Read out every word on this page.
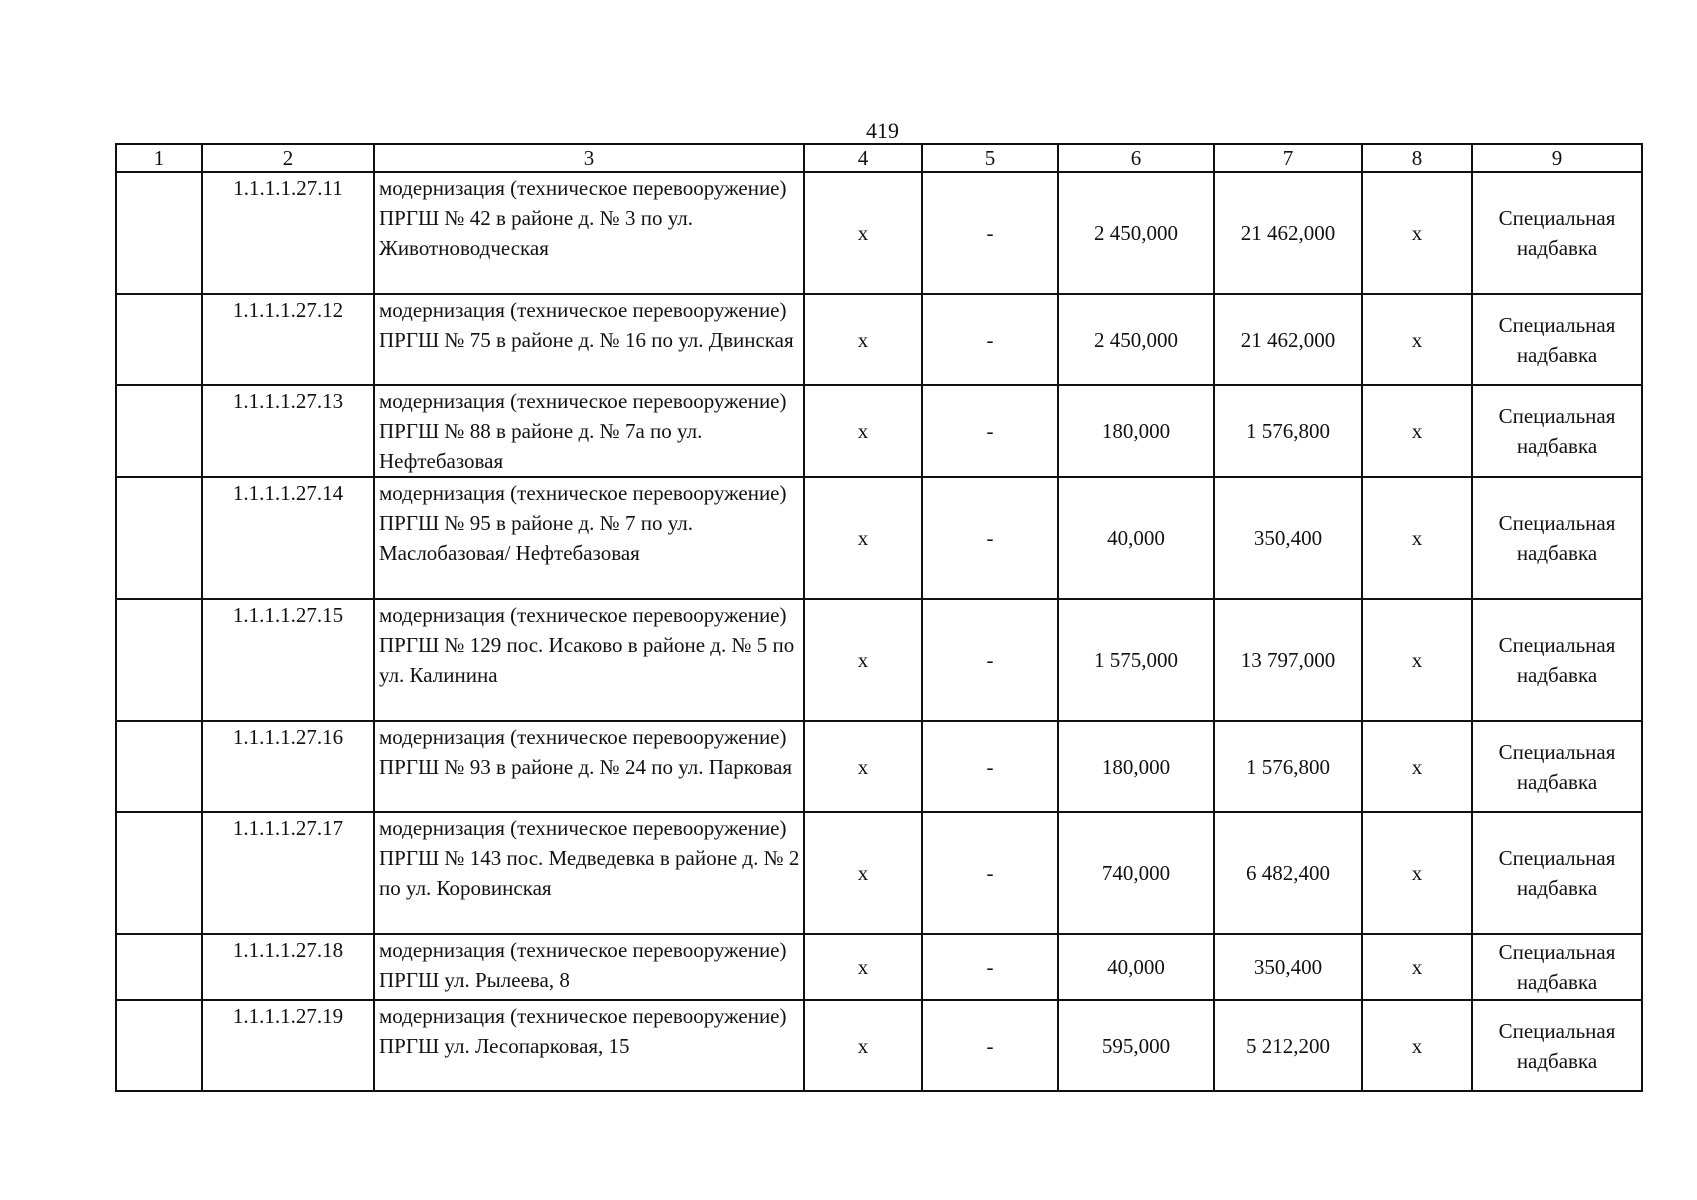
419
1	2	3	4	5	6	7	8	9
	1.1.1.1.27.11	модернизация (техническое перевооружение) ПРГШ № 42 в районе д. № 3 по ул. Животноводческая	х	-	2 450,000	21 462,000	х	Специальная
надбавка

	1.1.1.1.27.12	модернизация (техническое перевооружение) ПРГШ № 75 в районе д. № 16 по ул. Двинская	х	-	2 450,000	21 462,000	х	Специальная
надбавка

	1.1.1.1.27.13	модернизация (техническое перевооружение) ПРГШ № 88 в районе д. № 7а по ул. Нефтебазовая	х	-	180,000	1 576,800	х	Специальная
надбавка

	1.1.1.1.27.14	модернизация (техническое перевооружение) ПРГШ № 95 в районе д. № 7 по ул. Маслобазовая/ Нефтебазовая	х	-	40,000	350,400	х	Специальная
надбавка

	1.1.1.1.27.15	модернизация (техническое перевооружение) ПРГШ № 129 пос. Исаково в районе д. № 5 по ул. Калинина	х	-	1 575,000	13 797,000	х	Специальная
надбавка

	1.1.1.1.27.16	модернизация (техническое перевооружение) ПРГШ № 93 в районе д. № 24 по ул. Парковая	х	-	180,000	1 576,800	х	Специальная
надбавка

	1.1.1.1.27.17	модернизация (техническое перевооружение) ПРГШ № 143 пос. Медведевка в районе д. № 2 по ул. Коровинская	х	-	740,000	6 482,400	х	Специальная
надбавка

	1.1.1.1.27.18	модернизация (техническое перевооружение) ПРГШ ул. Рылеева, 8	х	-	40,000	350,400	х	Специальная
надбавка

	1.1.1.1.27.19	модернизация (техническое перевооружение) ПРГШ ул. Лесопарковая, 15	х	-	595,000	5 212,200	х	Специальная
надбавка
